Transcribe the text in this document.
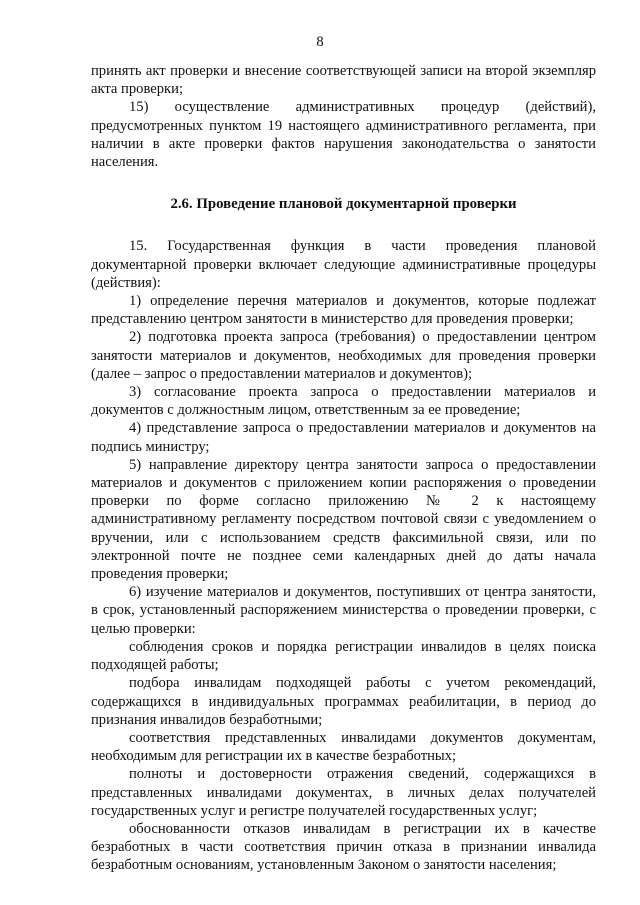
8

принять акт проверки и внесение соответствующей записи на второй экземпляр акта проверки;

15) осуществление административных процедур (действий), предусмотренных пунктом 19 настоящего административного регламента, при наличии в акте проверки фактов нарушения законодательства о занятости населения.

2.6. Проведение плановой документарной проверки

15. Государственная функция в части проведения плановой документарной проверки включает следующие административные процедуры (действия):

1) определение перечня материалов и документов, которые подлежат представлению центром занятости в министерство для проведения проверки;

2) подготовка проекта запроса (требования) о предоставлении центром занятости материалов и документов, необходимых для проведения проверки (далее – запрос о предоставлении материалов и документов);

3) согласование проекта запроса о предоставлении материалов и документов с должностным лицом, ответственным за ее проведение;

4) представление запроса о предоставлении материалов и документов на подпись министру;

5) направление директору центра занятости запроса о предоставлении материалов и документов с приложением копии распоряжения о проведении проверки по форме согласно приложению № 2 к настоящему административному регламенту посредством почтовой связи с уведомлением о вручении, или с использованием средств факсимильной связи, или по электронной почте не позднее семи календарных дней до даты начала проведения проверки;

6) изучение материалов и документов, поступивших от центра занятости, в срок, установленный распоряжением министерства о проведении проверки, с целью проверки:

соблюдения сроков и порядка регистрации инвалидов в целях поиска подходящей работы;

подбора инвалидам подходящей работы с учетом рекомендаций, содержащихся в индивидуальных программах реабилитации, в период до признания инвалидов безработными;

соответствия представленных инвалидами документов документам, необходимым для регистрации их в качестве безработных;

полноты и достоверности отражения сведений, содержащихся в представленных инвалидами документах, в личных делах получателей государственных услуг и регистре получателей государственных услуг;

обоснованности отказов инвалидам в регистрации их в качестве безработных в части соответствия причин отказа в признании инвалида безработным основаниям, установленным Законом о занятости населения;
